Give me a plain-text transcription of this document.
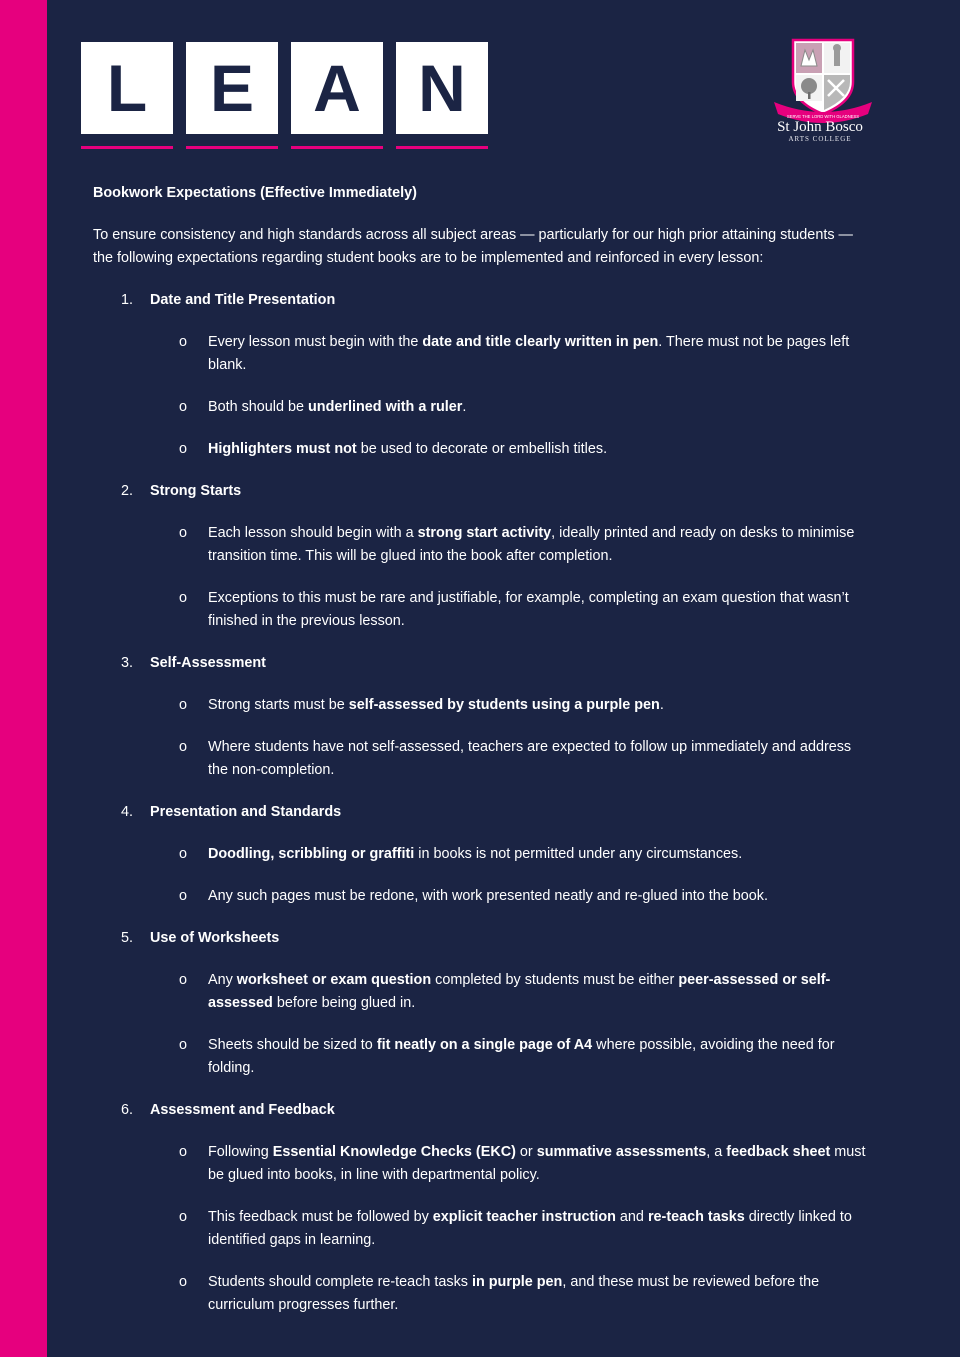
L E A N	SERVE THE LORD WITH GLADNESS
St John Bosco
ARTS COLLEGE

Bookwork Expectations (Effective Immediately)

To ensure consistency and high standards across all subject areas — particularly for our high prior attaining students — the following expectations regarding student books are to be implemented and reinforced in every lesson:

1. Date and Title Presentation
o Every lesson must begin with the date and title clearly written in pen. There must not be pages left blank.
o Both should be underlined with a ruler.
o Highlighters must not be used to decorate or embellish titles.
2. Strong Starts
o Each lesson should begin with a strong start activity, ideally printed and ready on desks to minimise transition time. This will be glued into the book after completion.
o Exceptions to this must be rare and justifiable, for example, completing an exam question that wasn’t finished in the previous lesson.
3. Self-Assessment
o Strong starts must be self-assessed by students using a purple pen.
o Where students have not self-assessed, teachers are expected to follow up immediately and address the non-completion.
4. Presentation and Standards
o Doodling, scribbling or graffiti in books is not permitted under any circumstances.
o Any such pages must be redone, with work presented neatly and re-glued into the book.
5. Use of Worksheets
o Any worksheet or exam question completed by students must be either peer-assessed or self-assessed before being glued in.
o Sheets should be sized to fit neatly on a single page of A4 where possible, avoiding the need for folding.
6. Assessment and Feedback
o Following Essential Knowledge Checks (EKC) or summative assessments, a feedback sheet must be glued into books, in line with departmental policy.
o This feedback must be followed by explicit teacher instruction and re-teach tasks directly linked to identified gaps in learning.
o Students should complete re-teach tasks in purple pen, and these must be reviewed before the curriculum progresses further.
